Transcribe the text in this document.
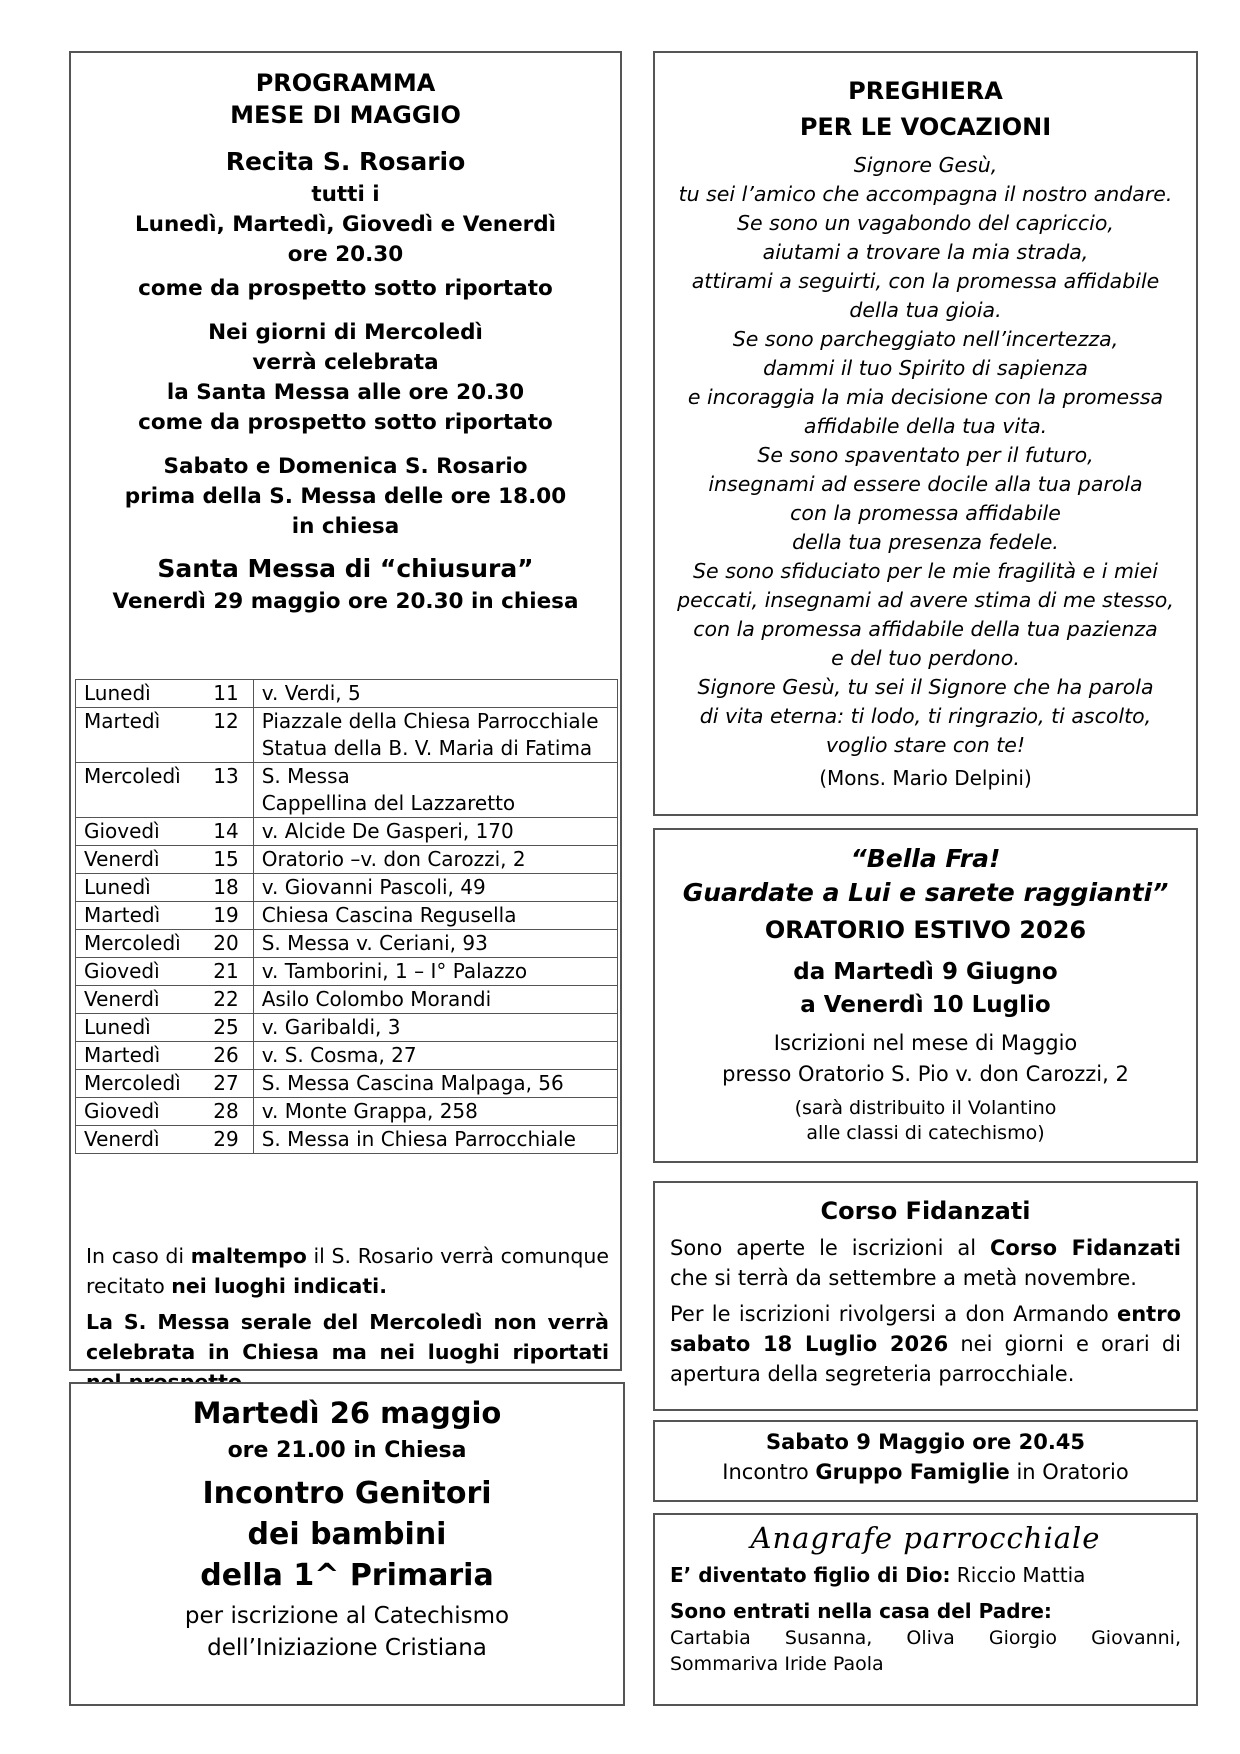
PROGRAMMA
MESE DI MAGGIO
Recita S. Rosario
tutti i
Lunedì, Martedì, Giovedì e Venerdì
ore 20.30
come da prospetto sotto riportato
Nei giorni di Mercoledì
verrà celebrata
la Santa Messa alle ore 20.30
come da prospetto sotto riportato
Sabato e Domenica S. Rosario
prima della S. Messa delle ore 18.00
in chiesa
Santa Messa di “chiusura”
Venerdì 29 maggio ore 20.30 in chiesa
Lunedì	11	v. Verdi, 5

Martedì	12	Piazzale della Chiesa Parrocchiale
Statua della B. V. Maria di Fatima

Mercoledì	13	S. Messa
Cappellina del Lazzaretto

Giovedì	14	v. Alcide De Gasperi, 170

Venerdì	15	Oratorio –v. don Carozzi, 2

Lunedì	18	v. Giovanni Pascoli, 49

Martedì	19	Chiesa Cascina Regusella

Mercoledì	20	S. Messa v. Ceriani, 93

Giovedì	21	v. Tamborini, 1 – I° Palazzo

Venerdì	22	Asilo Colombo Morandi

Lunedì	25	v. Garibaldi, 3

Martedì	26	v. S. Cosma, 27

Mercoledì	27	S. Messa Cascina Malpaga, 56

Giovedì	28	v. Monte Grappa, 258

Venerdì	29	S. Messa in Chiesa Parrocchiale

In caso di maltempo il S. Rosario verrà comunque recitato nei luoghi indicati.

La S. Messa serale del Mercoledì non verrà celebrata in Chiesa ma nei luoghi riportati

Martedì 26 maggio
ore 21.00 in Chiesa
Incontro Genitori
dei bambini
della 1^ Primaria
per iscrizione al Catechismo
dell’Iniziazione Cristiana
PREGHIERA
PER LE VOCAZIONI
Signore Gesù,
tu sei l’amico che accompagna il nostro andare.
Se sono un vagabondo del capriccio,
aiutami a trovare la mia strada,
attirami a seguirti, con la promessa affidabile
della tua gioia.
Se sono parcheggiato nell’incertezza,
dammi il tuo Spirito di sapienza
e incoraggia la mia decisione con la promessa
affidabile della tua vita.
Se sono spaventato per il futuro,
insegnami ad essere docile alla tua parola
con la promessa affidabile
della tua presenza fedele.
Se sono sfiduciato per le mie fragilità e i miei
peccati, insegnami ad avere stima di me stesso,
con la promessa affidabile della tua pazienza
e del tuo perdono.
Signore Gesù, tu sei il Signore che ha parola
di vita eterna: ti lodo, ti ringrazio, ti ascolto,
voglio stare con te!
(Mons. Mario Delpini)
“Bella Fra!
Guardate a Lui e sarete raggianti”
ORATORIO ESTIVO 2026
da Martedì 9 Giugno
a Venerdì 10 Luglio
Iscrizioni nel mese di Maggio
presso Oratorio S. Pio v. don Carozzi, 2
(sarà distribuito il Volantino
alle classi di catechismo)
Corso Fidanzati

Sono aperte le iscrizioni al Corso Fidanzati che si terrà da settembre a metà novembre.

Per le iscrizioni rivolgersi a don Armando entro sabato 18 Luglio 2026 nei giorni e orari di apertura della segreteria parrocchiale.

Sabato 9 Maggio ore 20.45
Incontro Gruppo Famiglie in Oratorio
Anagrafe parrocchiale
E’ diventato figlio di Dio: Riccio Mattia
Sono entrati nella casa del Padre:
Cartabia Susanna, Oliva Giorgio Giovanni, Sommariva Iride Paola
